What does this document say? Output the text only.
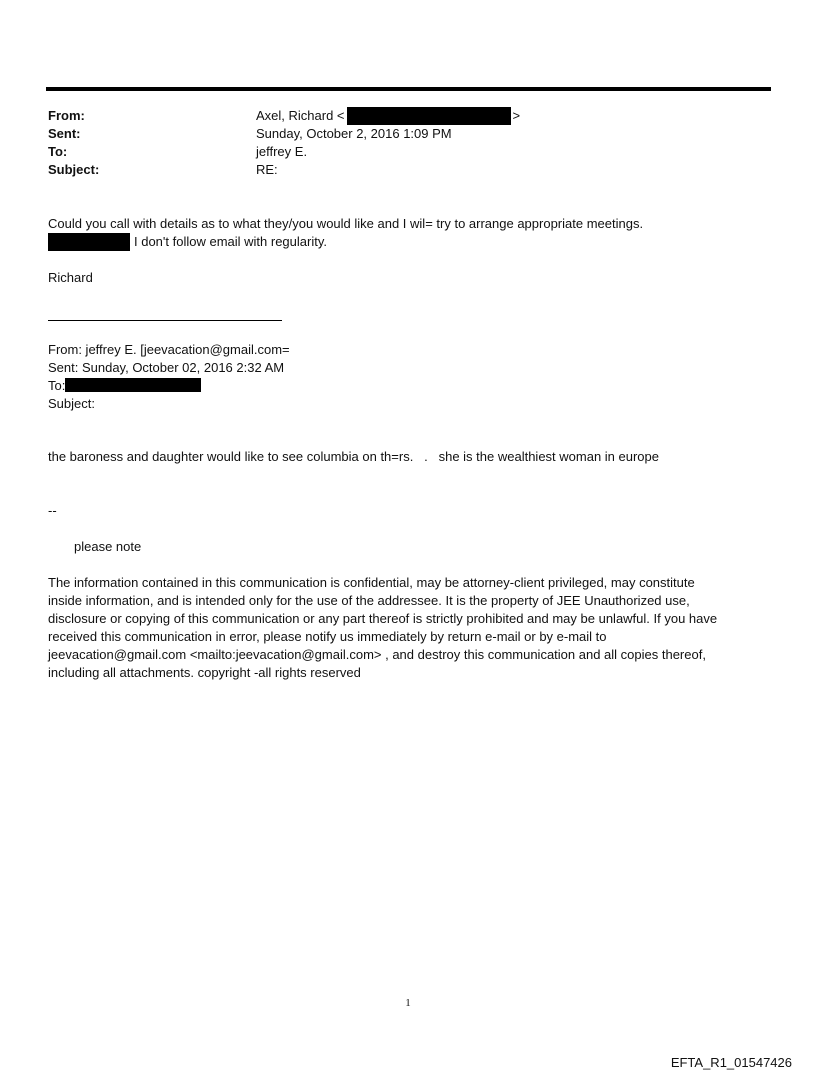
From:	Axel, Richard <	>
Sent:	Sunday, October 2, 2016 1:09 PM
To:	jeffrey E.
Subject:	RE:
Could you call with details as to what they/you would like and I wil= try to arrange appropriate meetings.
I don't follow email with regularity.
Richard
From: jeffrey E. [jeevacation@gmail.com=
Sent: Sunday, October 02, 2016 2:32 AM
To:
Subject:
the baroness and daughter would like to see columbia on th=rs.   .   she is the wealthiest woman in europe
--
please note
The information contained in this communication is confidential, may be attorney-client privileged, may constitute
inside information, and is intended only for the use of the addressee. It is the property of JEE Unauthorized use,
disclosure or copying of this communication or any part thereof is strictly prohibited and may be unlawful. If you have
received this communication in error, please notify us immediately by return e-mail or by e-mail to
jeevacation@gmail.com <mailto:jeevacation@gmail.com> , and destroy this communication and all copies thereof,
including all attachments. copyright -all rights reserved
1
EFTA_R1_01547426
